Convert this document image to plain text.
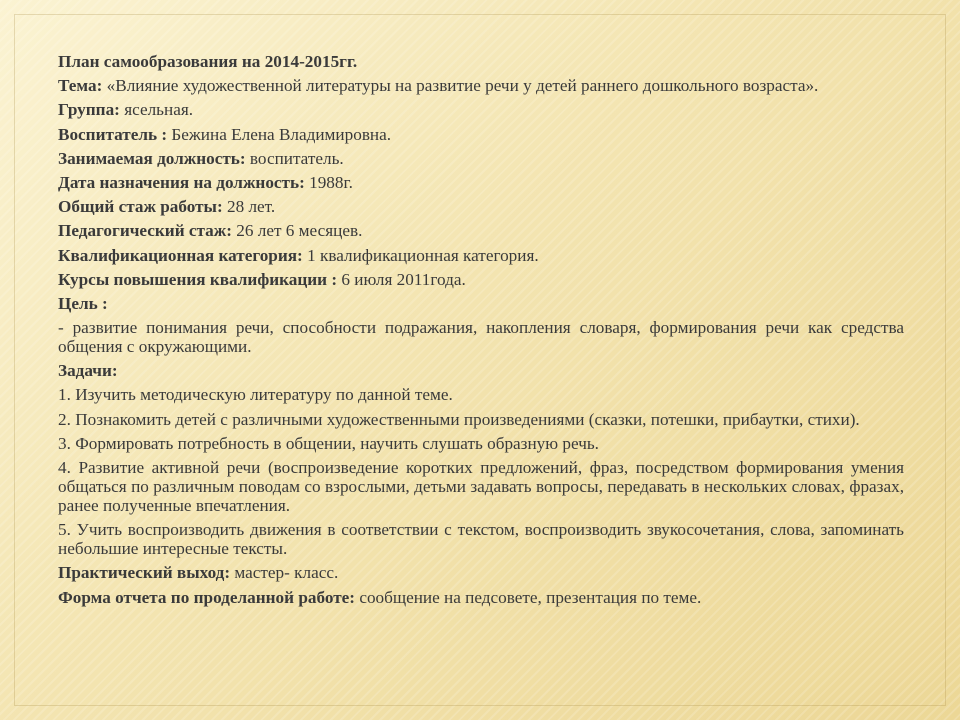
План самообразования на 2014-2015гг.
Тема: «Влияние художественной литературы на развитие речи у детей раннего дошкольного возраста».
Группа: ясельная.
Воспитатель : Бежина Елена Владимировна.
Занимаемая должность: воспитатель.
Дата назначения на должность: 1988г.
Общий стаж работы: 28 лет.
Педагогический стаж: 26 лет 6 месяцев.
Квалификационная категория: 1 квалификационная категория.
Курсы повышения квалификации : 6 июля 2011года.
Цель :
- развитие понимания речи, способности подражания, накопления словаря, формирования речи как средства общения с окружающими.
Задачи:
1. Изучить методическую литературу по данной теме.
2. Познакомить детей с различными художественными произведениями (сказки, потешки, прибаутки, стихи).
3. Формировать потребность в общении, научить слушать образную речь.
4. Развитие активной речи (воспроизведение коротких предложений, фраз, посредством формирования умения общаться по различным поводам со взрослыми, детьми задавать вопросы, передавать в нескольких словах, фразах, ранее полученные впечатления.
5. Учить воспроизводить движения в соответствии с текстом, воспроизводить звукосочетания, слова, запоминать небольшие интересные тексты.
Практический выход: мастер- класс.
Форма отчета по проделанной работе: сообщение на педсовете, презентация по теме.
